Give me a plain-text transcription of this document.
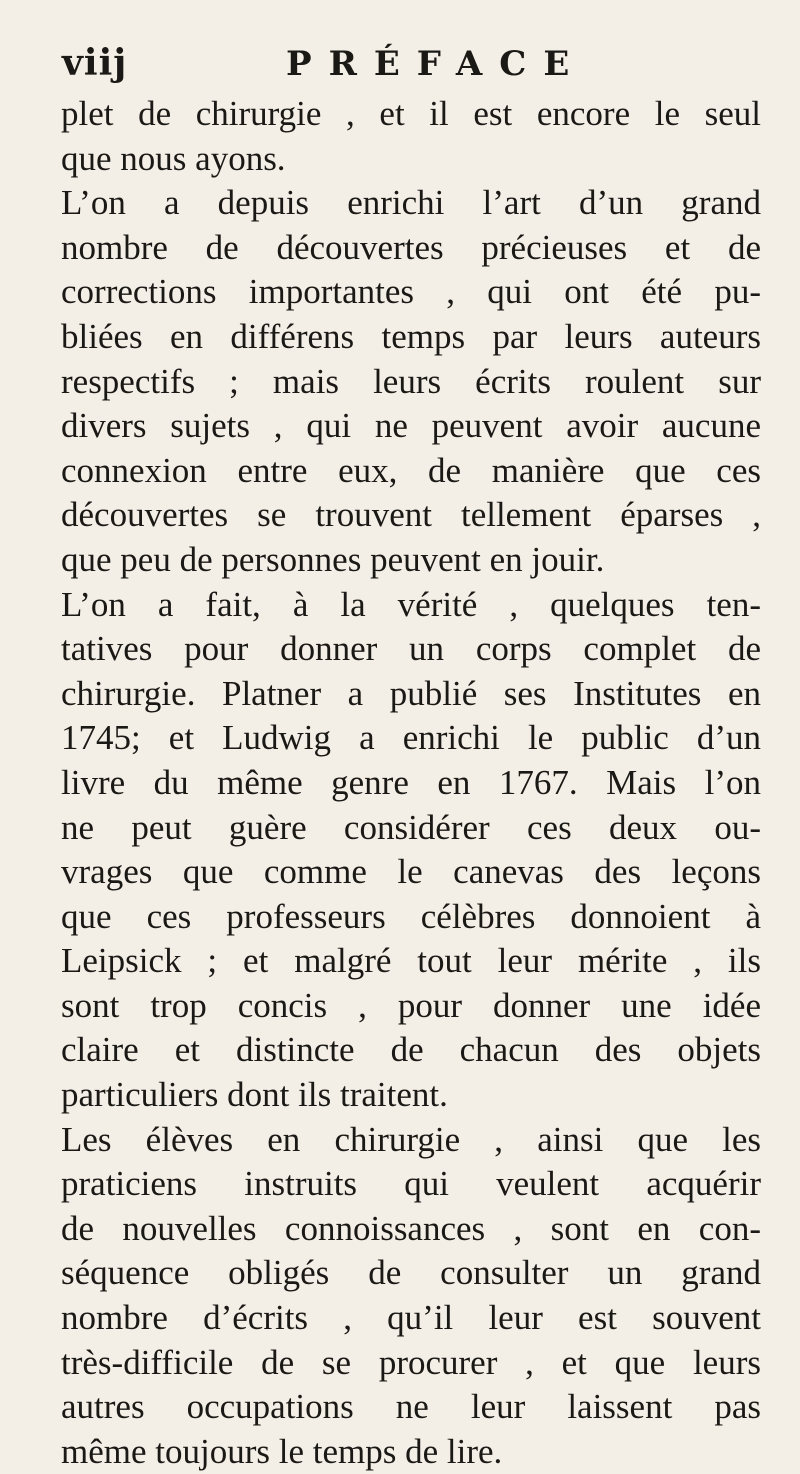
viij	PRÉFACE
plet de chirurgie , et il est encore le seul
que nous ayons.
L’on a depuis enrichi l’art d’un grand
nombre de découvertes précieuses et de
corrections importantes , qui ont été pu-
bliées en différens temps par leurs auteurs
respectifs ; mais leurs écrits roulent sur
divers sujets , qui ne peuvent avoir aucune
connexion entre eux, de manière que ces
découvertes se trouvent tellement éparses ,
que peu de personnes peuvent en jouir.
L’on a fait, à la vérité , quelques ten-
tatives pour donner un corps complet de
chirurgie. Platner a publié ses Institutes en
1745; et Ludwig a enrichi le public d’un
livre du même genre en 1767. Mais l’on
ne peut guère considérer ces deux ou-
vrages que comme le canevas des leçons
que ces professeurs célèbres donnoient à
Leipsick ; et malgré tout leur mérite , ils
sont trop concis , pour donner une idée
claire et distincte de chacun des objets
particuliers dont ils traitent.
Les élèves en chirurgie , ainsi que les
praticiens instruits qui veulent acquérir
de nouvelles connoissances , sont en con-
séquence obligés de consulter un grand
nombre d’écrits , qu’il leur est souvent
très-difficile de se procurer , et que leurs
autres occupations ne leur laissent pas
même toujours le temps de lire.
